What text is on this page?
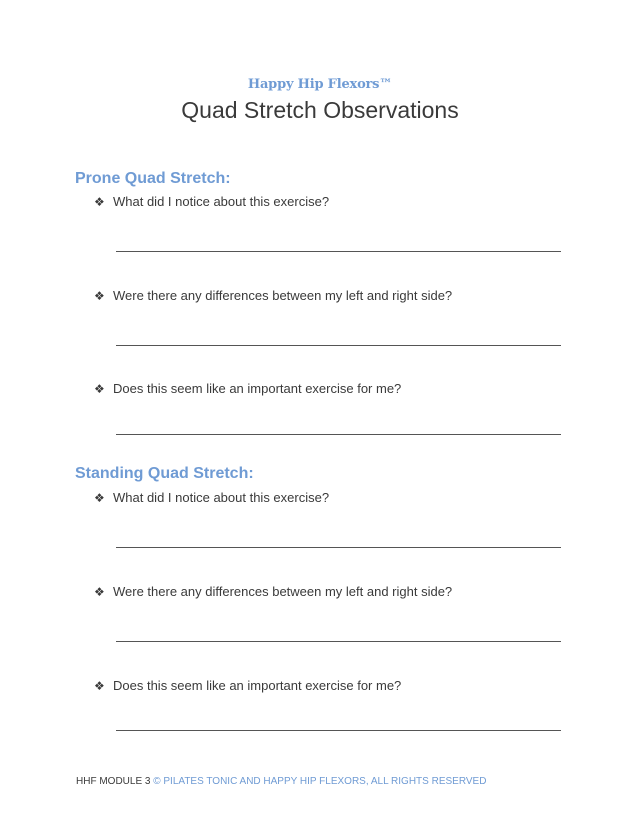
Happy Hip Flexors™
Quad Stretch Observations
Prone Quad Stretch:
❖ What did I notice about this exercise?
❖ Were there any differences between my left and right side?
❖ Does this seem like an important exercise for me?
Standing Quad Stretch:
❖ What did I notice about this exercise?
❖ Were there any differences between my left and right side?
❖ Does this seem like an important exercise for me?
HHF MODULE 3 © PILATES TONIC AND HAPPY HIP FLEXORS, ALL RIGHTS RESERVED
